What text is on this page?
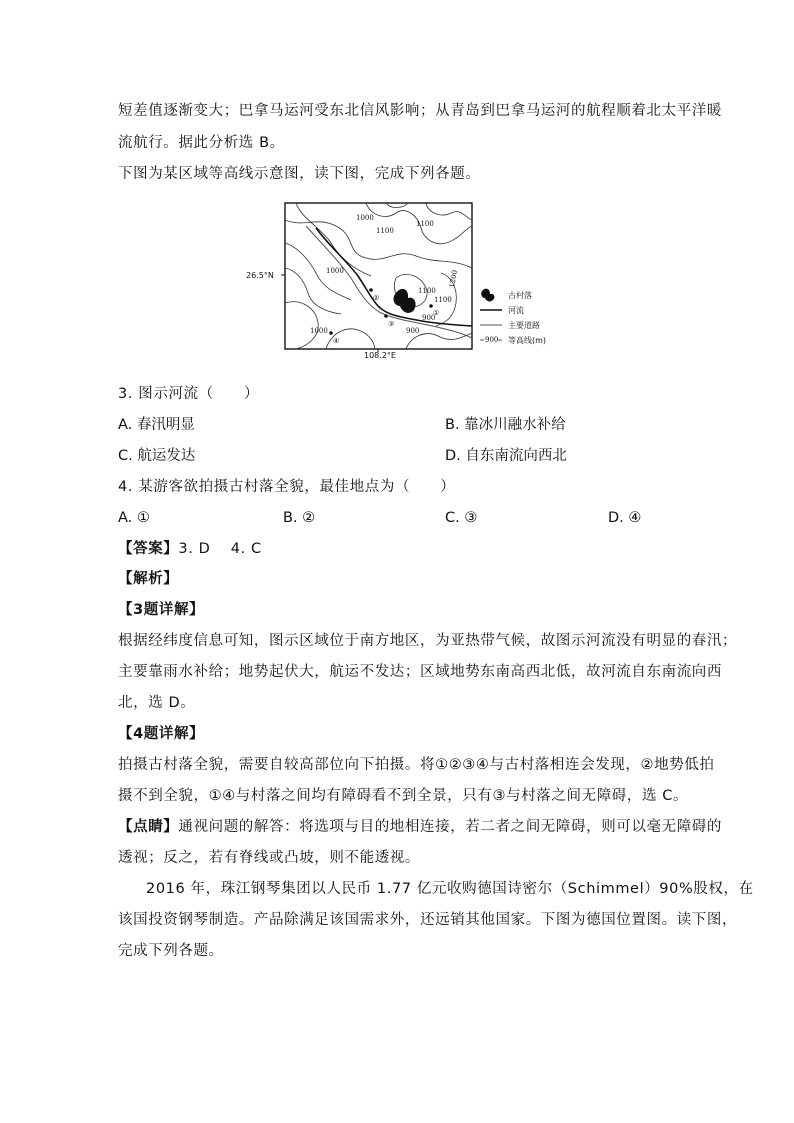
短差值逐渐变大；巴拿马运河受东北信风影响；从青岛到巴拿马运河的航程顺着北太平洋暖
流航行。据此分析选 B。
下图为某区域等高线示意图，读下图，完成下列各题。
②
①
③
④
1000
1100
1100
1000
1100
1200
1000
900
900
1100
26.5°N
108.2°E
古村落
河流
主要道路
900 等高线(m)
3. 图示河流（　　）
A. 春汛明显	B. 靠冰川融水补给
C. 航运发达	D. 自东南流向西北
4. 某游客欲拍摄古村落全貌，最佳地点为（　　）
A. ①	B. ②	C. ③	D. ④
【答案】3. D　 4. C
【解析】
【3题详解】
根据经纬度信息可知，图示区域位于南方地区，为亚热带气候，故图示河流没有明显的春汛；
主要靠雨水补给；地势起伏大，航运不发达；区域地势东南高西北低，故河流自东南流向西
北，选 D。
【4题详解】
拍摄古村落全貌，需要自较高部位向下拍摄。将①②③④与古村落相连会发现，②地势低拍
摄不到全貌，①④与村落之间均有障碍看不到全景，只有③与村落之间无障碍，选 C。
【点睛】通视问题的解答：将选项与目的地相连接，若二者之间无障碍，则可以毫无障碍的
透视；反之，若有脊线或凸坡，则不能透视。
2016 年，珠江钢琴集团以人民币 1.77 亿元收购德国诗密尔（Schimmel）90%股权，在
该国投资钢琴制造。产品除满足该国需求外，还远销其他国家。下图为德国位置图。读下图，
完成下列各题。
